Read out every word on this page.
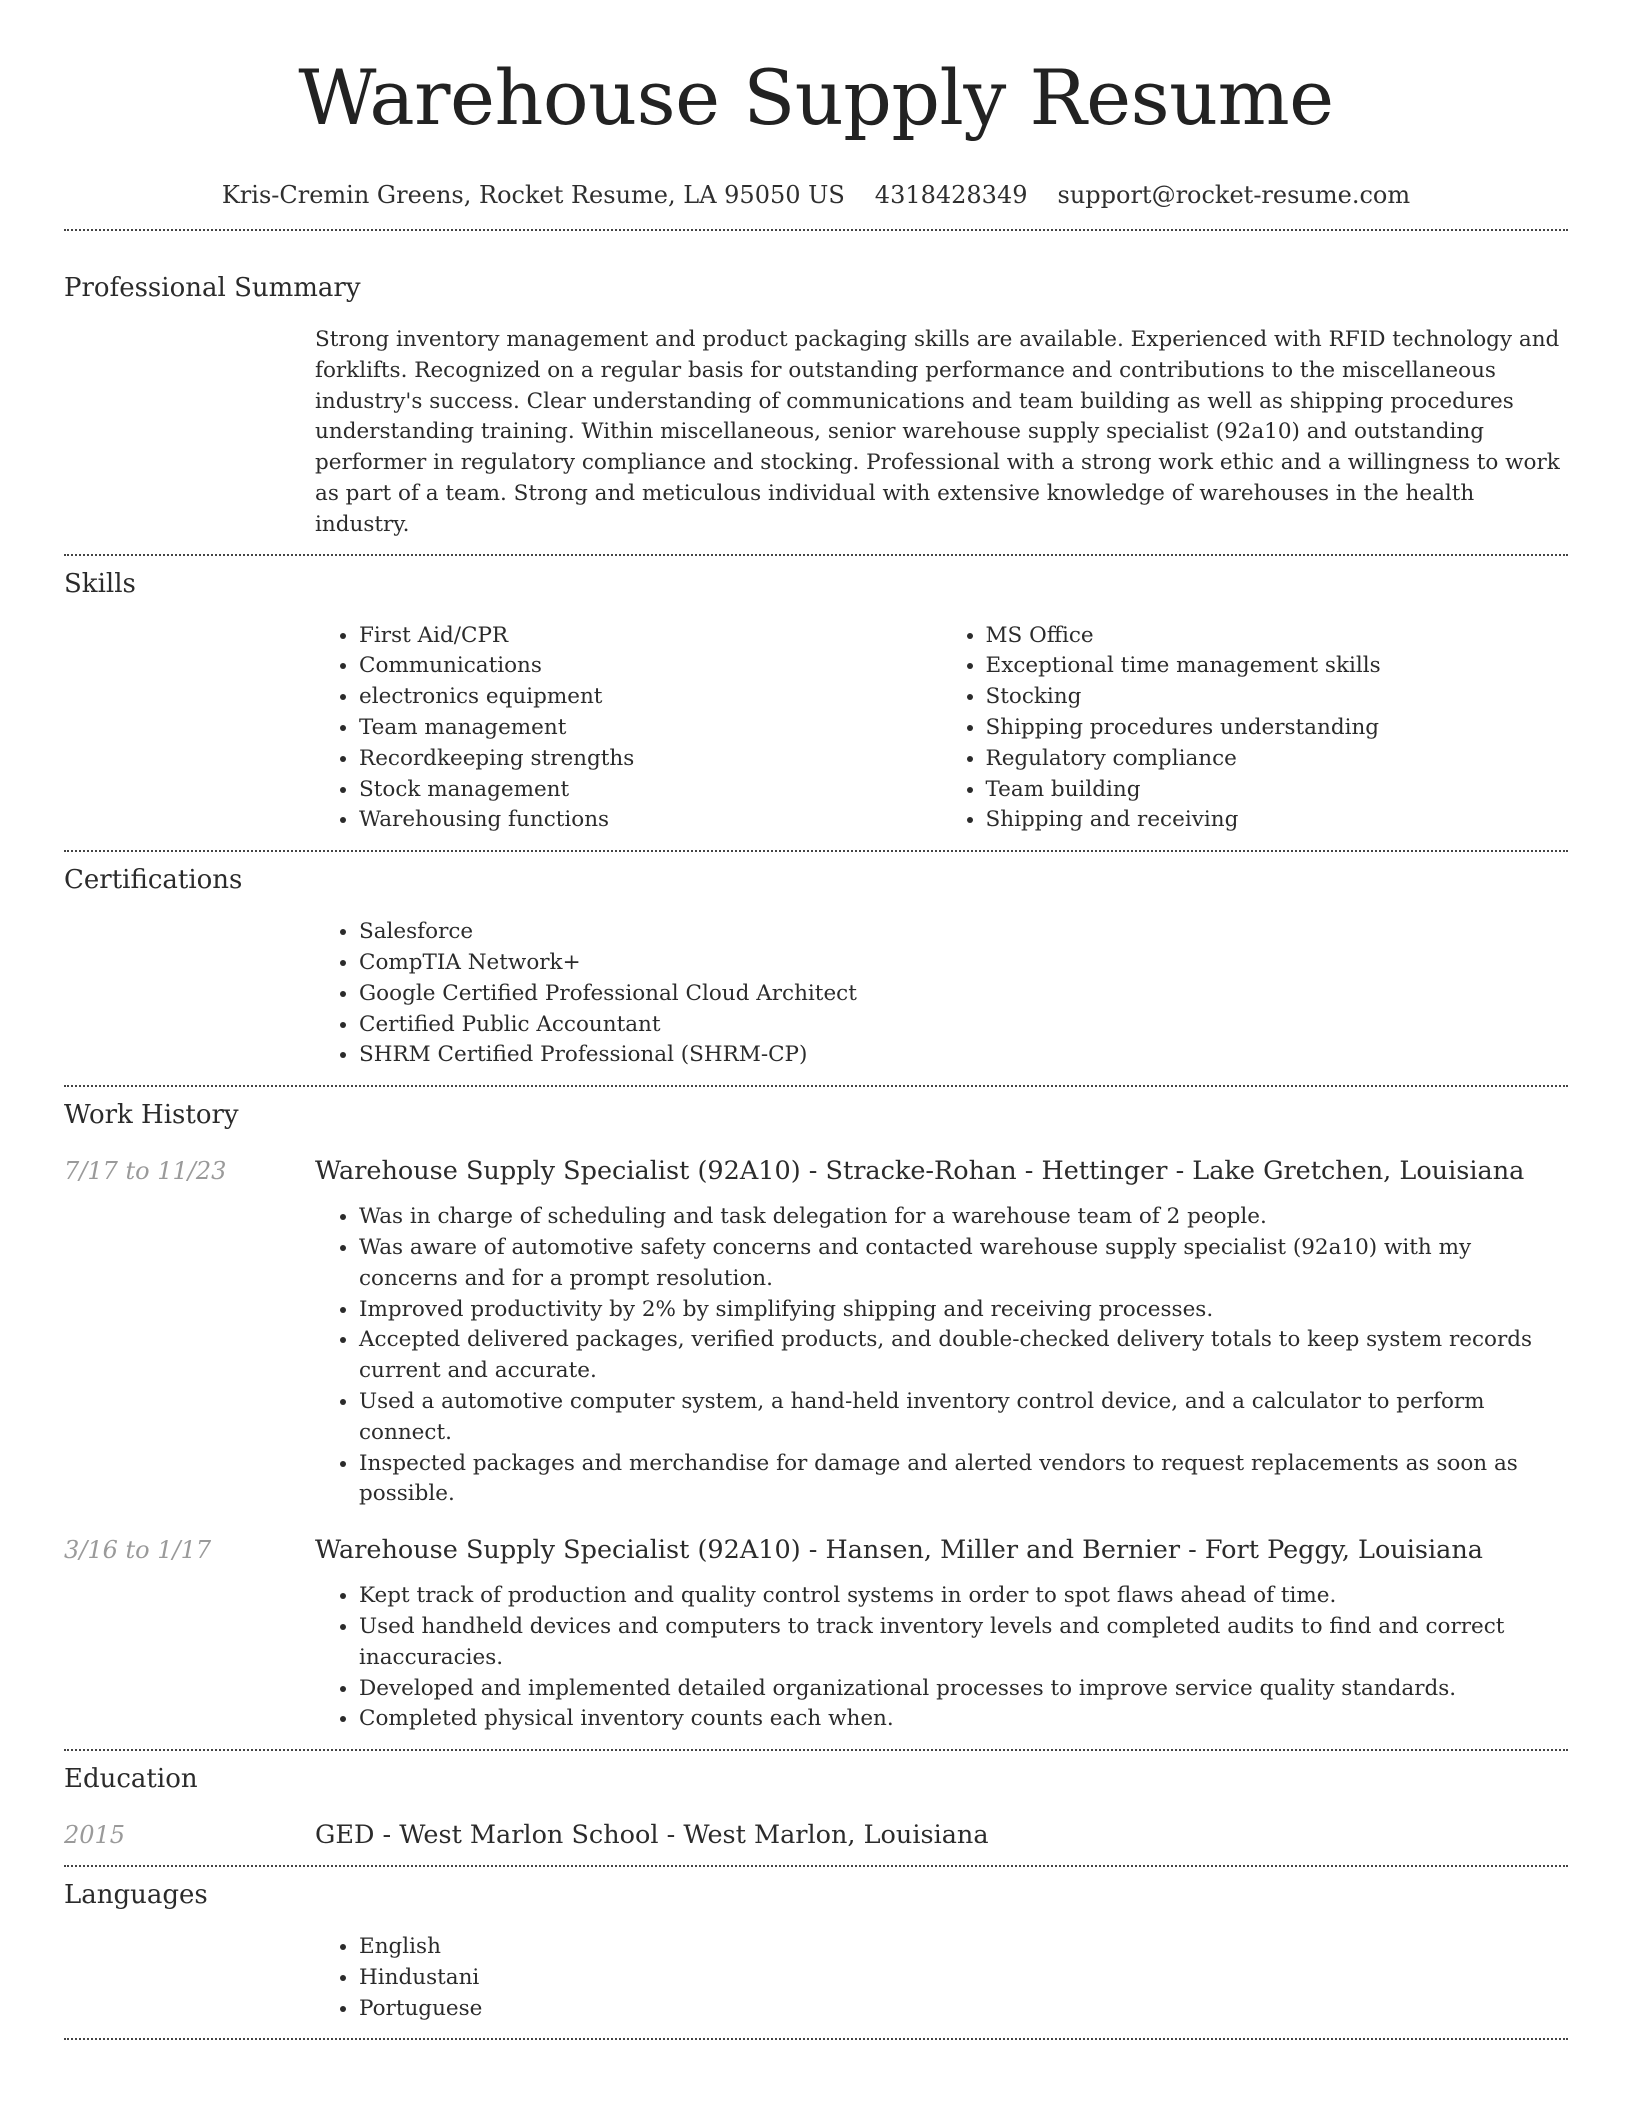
Warehouse Supply Resume
Kris-Cremin Greens, Rocket Resume, LA 95050 US 4318428349 support@rocket-resume.com
Professional Summary

Strong inventory management and product packaging skills are available. Experienced with RFID technology and forklifts. Recognized on a regular basis for outstanding performance and contributions to the miscellaneous industry's success. Clear understanding of communications and team building as well as shipping procedures understanding training. Within miscellaneous, senior warehouse supply specialist (92a10) and outstanding performer in regulatory compliance and stocking. Professional with a strong work ethic and a willingness to work as part of a team. Strong and meticulous individual with extensive knowledge of warehouses in the health industry.

Skills
• First Aid/CPR
• Communications
• electronics equipment
• Team management
• Recordkeeping strengths
• Stock management
• Warehousing functions
• MS Office
• Exceptional time management skills
• Stocking
• Shipping procedures understanding
• Regulatory compliance
• Team building
• Shipping and receiving
Certifications
• Salesforce
• CompTIA Network+
• Google Certified Professional Cloud Architect
• Certified Public Accountant
• SHRM Certified Professional (SHRM-CP)
Work History
7/17 to 11/23	Warehouse Supply Specialist (92A10) - Stracke-Rohan - Hettinger - Lake Gretchen, Louisiana
• Was in charge of scheduling and task delegation for a warehouse team of 2 people.
• Was aware of automotive safety concerns and contacted warehouse supply specialist (92a10) with my concerns and for a prompt resolution.
• Improved productivity by 2% by simplifying shipping and receiving processes.
• Accepted delivered packages, verified products, and double-checked delivery totals to keep system records current and accurate.
• Used a automotive computer system, a hand-held inventory control device, and a calculator to perform connect.
• Inspected packages and merchandise for damage and alerted vendors to request replacements as soon as possible.
3/16 to 1/17	Warehouse Supply Specialist (92A10) - Hansen, Miller and Bernier - Fort Peggy, Louisiana
• Kept track of production and quality control systems in order to spot flaws ahead of time.
• Used handheld devices and computers to track inventory levels and completed audits to find and correct inaccuracies.
• Developed and implemented detailed organizational processes to improve service quality standards.
• Completed physical inventory counts each when.
Education
2015	GED - West Marlon School - West Marlon, Louisiana
Languages
• English
• Hindustani
• Portuguese
